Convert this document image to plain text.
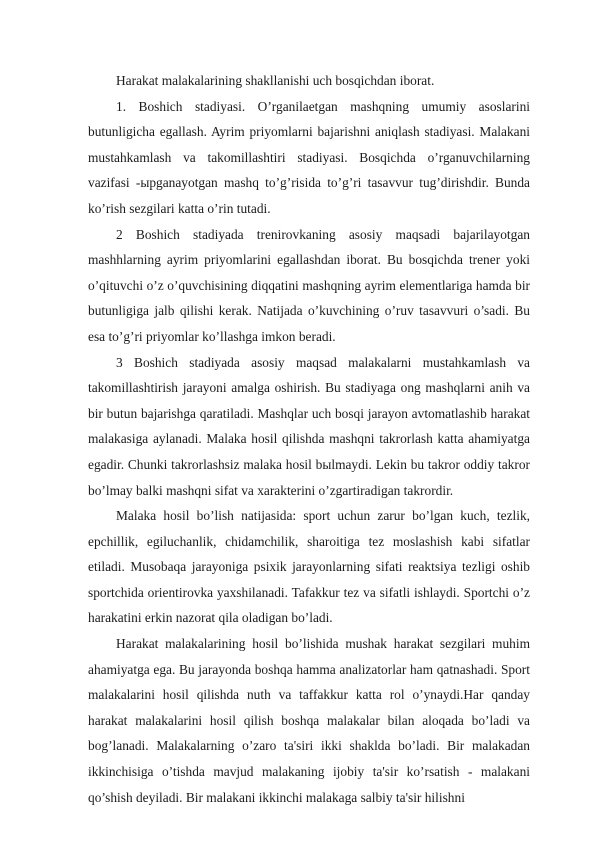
Harakat malakalarining shakllanishi uch bosqichdan iborat.

1. Boshich stadiyasi. O’rganilaetgan mashqning umumiy asoslarini butunligicha egallash. Ayrim priyomlarni bajarishni aniqlash stadiyasi. Malakani mustahkamlash va takomillashtiri stadiyasi. Bosqichda o’rganuvchilarning vazifasi -ырganayotgan mashq to’g’risida to’g’ri tasavvur tug’dirishdir. Bunda ko’rish sezgilari katta o’rin tutadi.

2 Boshich stadiyada trenirovkaning asosiy maqsadi bajarilayotgan mashhlarning ayrim priyomlarini egallashdan iborat. Bu bosqichda trener yoki o’qituvchi o’z o’quvchisining diqqatini mashqning ayrim elementlariga hamda bir butunligiga jalb qilishi kerak. Natijada o’kuvchining o’ruv tasavvuri o’sadi. Bu esa to’g’ri priyomlar ko’llashga imkon beradi.

3 Boshich stadiyada asosiy maqsad malakalarni mustahkamlash va takomillashtirish jarayoni amalga oshirish. Bu stadiyaga ong mashqlarni anih va bir butun bajarishga qaratiladi. Mashqlar uch bosqi jarayon avtomatlashib harakat malakasiga aylanadi. Malaka hosil qilishda mashqni takrorlash katta ahamiyatga egadir. Chunki takrorlashsiz malaka hosil bыlmaydi. Lekin bu takror oddiy takror bo’lmay balki mashqni sifat va xarakterini o’zgartiradigan takrordir.

Malaka hosil bo’lish natijasida: sport uchun zarur bo’lgan kuch, tezlik, epchillik, egiluchanlik, chidamchilik, sharoitiga tez moslashish kabi sifatlar etiladi. Musobaqa jarayoniga psixik jarayonlarning sifati reaktsiya tezligi oshib sportchida orientirovka yaxshilanadi. Tafakkur tez va sifatli ishlaydi. Sportchi o’z harakatini erkin nazorat qila oladigan bo’ladi.

Harakat malakalarining hosil bo’lishida mushak harakat sezgilari muhim ahamiyatga ega. Bu jarayonda boshqa hamma analizatorlar ham qatnashadi. Sport malakalarini hosil qilishda nuth va taffakkur katta rol o’ynaydi.Har qanday harakat malakalarini hosil qilish boshqa malakalar bilan aloqada bo’ladi va bog’lanadi. Malakalarning o’zaro ta'siri ikki shaklda bo’ladi. Bir malakadan ikkinchisiga o’tishda mavjud malakaning ijobiy ta'sir ko’rsatish - malakani qo’shish deyiladi. Bir malakani ikkinchi malakaga salbiy ta'sir hilishni
